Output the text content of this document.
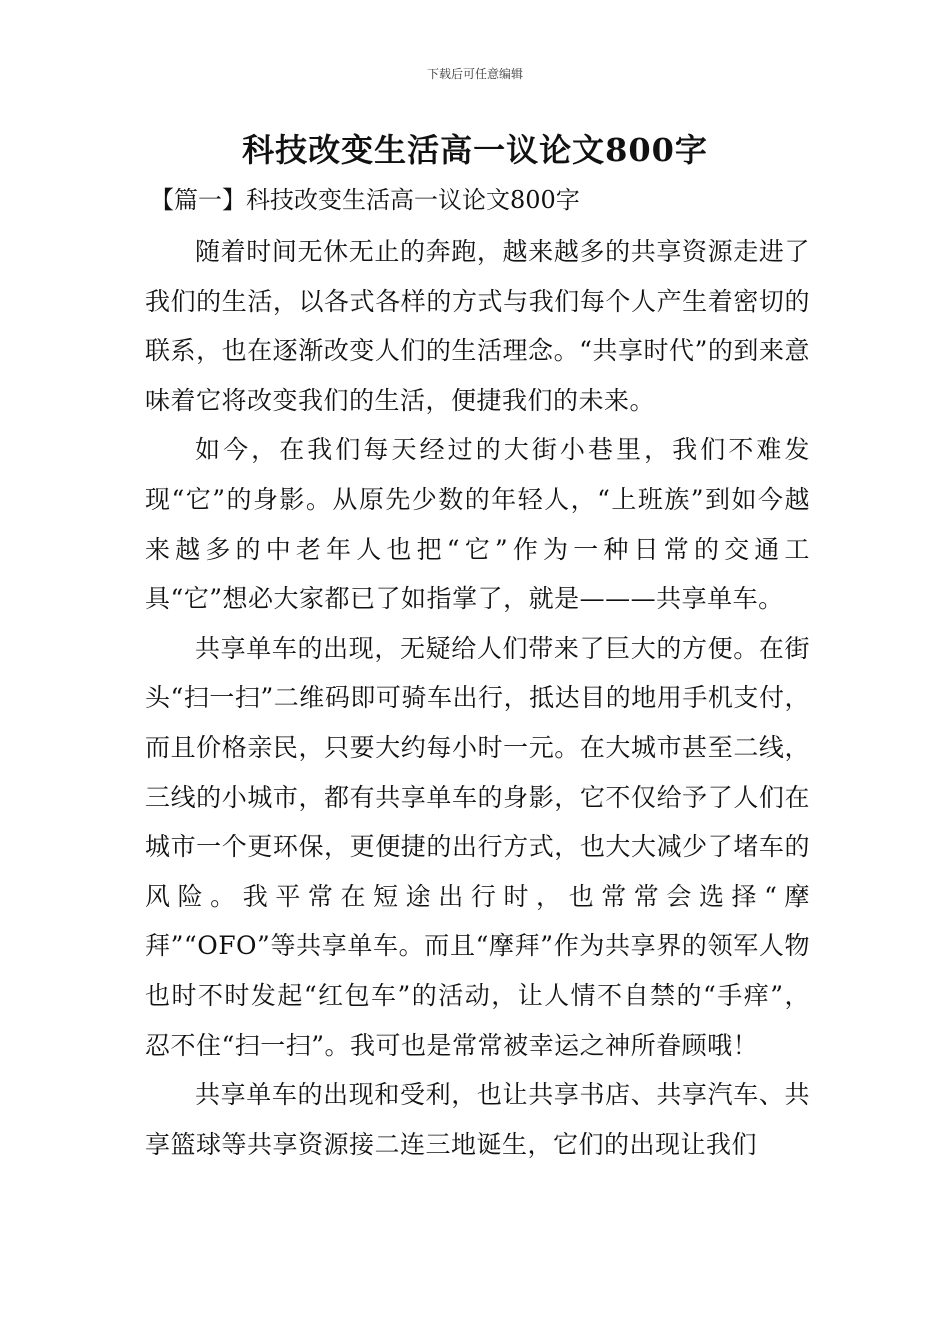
下载后可任意编辑
科技改变生活高一议论文800字
【篇一】科技改变生活高一议论文800字

随着时间无休无止的奔跑，越来越多的共享资源走进了我们的生活，以各式各样的方式与我们每个人产生着密切的联系，也在逐渐改变人们的生活理念。“共享时代”的到来意味着它将改变我们的生活，便捷我们的未来。

如今，在我们每天经过的大街小巷里，我们不难发现“它”的身影。从原先少数的年轻人，“上班族”到如今越来越多的中老年人也把“它”作为一种日常的交通工具“它”想必大家都已了如指掌了，就是———共享单车。

共享单车的出现，无疑给人们带来了巨大的方便。在街头“扫一扫”二维码即可骑车出行，抵达目的地用手机支付，而且价格亲民，只要大约每小时一元。在大城市甚至二线，三线的小城市，都有共享单车的身影，它不仅给予了人们在城市一个更环保，更便捷的出行方式，也大大减少了堵车的风险。我平常在短途出行时，也常常会选择“摩拜”“OFO”等共享单车。而且“摩拜”作为共享界的领军人物也时不时发起“红包车”的活动，让人情不自禁的“手痒”，忍不住“扫一扫”。我可也是常常被幸运之神所眷顾哦！

共享单车的出现和受利，也让共享书店、共享汽车、共享篮球等共享资源接二连三地诞生，它们的出现让我们
